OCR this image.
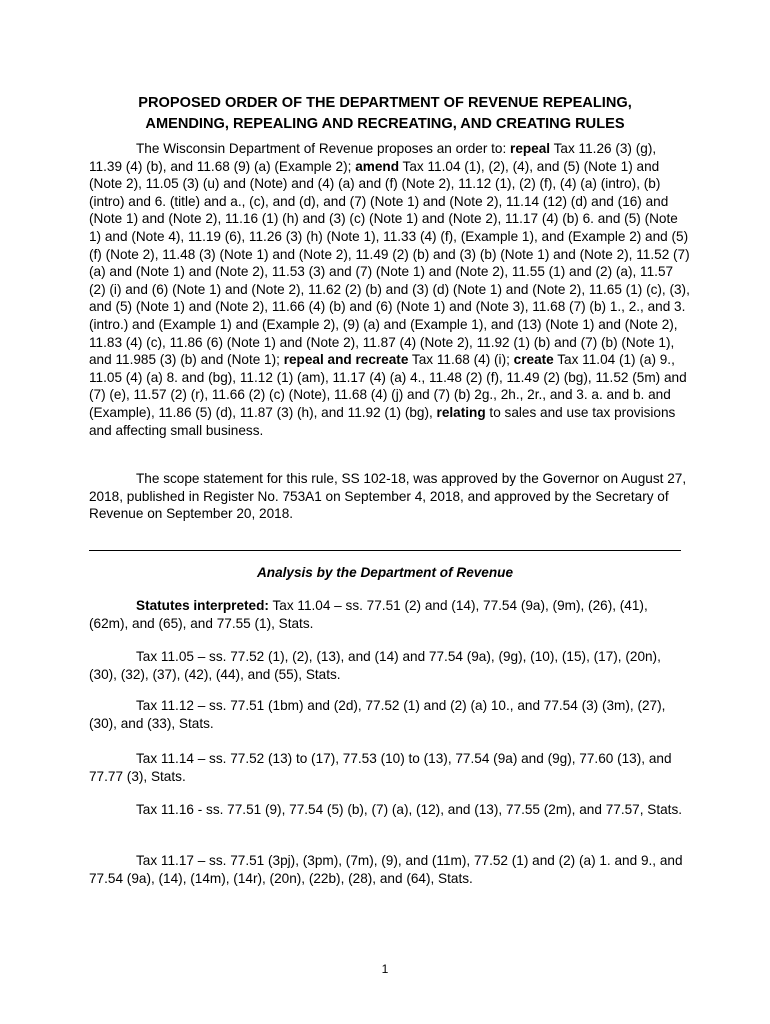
PROPOSED ORDER OF THE DEPARTMENT OF REVENUE REPEALING,
AMENDING, REPEALING AND RECREATING, AND CREATING RULES

The Wisconsin Department of Revenue proposes an order to: repeal Tax 11.26 (3) (g), 11.39 (4) (b), and 11.68 (9) (a) (Example 2); amend Tax 11.04 (1), (2), (4), and (5) (Note 1) and (Note 2), 11.05 (3) (u) and (Note) and (4) (a) and (f) (Note 2), 11.12 (1), (2) (f), (4) (a) (intro), (b) (intro) and 6. (title) and a., (c), and (d), and (7) (Note 1) and (Note 2), 11.14 (12) (d) and (16) and (Note 1) and (Note 2), 11.16 (1) (h) and (3) (c) (Note 1) and (Note 2), 11.17 (4) (b) 6. and (5) (Note 1) and (Note 4), 11.19 (6), 11.26 (3) (h) (Note 1), 11.33 (4) (f), (Example 1), and (Example 2) and (5) (f) (Note 2), 11.48 (3) (Note 1) and (Note 2), 11.49 (2) (b) and (3) (b) (Note 1) and (Note 2), 11.52 (7) (a) and (Note 1) and (Note 2), 11.53 (3) and (7) (Note 1) and (Note 2), 11.55 (1) and (2) (a), 11.57 (2) (i) and (6) (Note 1) and (Note 2), 11.62 (2) (b) and (3) (d) (Note 1) and (Note 2), 11.65 (1) (c), (3), and (5) (Note 1) and (Note 2), 11.66 (4) (b) and (6) (Note 1) and (Note 3), 11.68 (7) (b) 1., 2., and 3. (intro.) and (Example 1) and (Example 2), (9) (a) and (Example 1), and (13) (Note 1) and (Note 2), 11.83 (4) (c), 11.86 (6) (Note 1) and (Note 2), 11.87 (4) (Note 2), 11.92 (1) (b) and (7) (b) (Note 1), and 11.985 (3) (b) and (Note 1); repeal and recreate Tax 11.68 (4) (i); create Tax 11.04 (1) (a) 9., 11.05 (4) (a) 8. and (bg), 11.12 (1) (am), 11.17 (4) (a) 4., 11.48 (2) (f), 11.49 (2) (bg), 11.52 (5m) and (7) (e), 11.57 (2) (r), 11.66 (2) (c) (Note), 11.68 (4) (j) and (7) (b) 2g., 2h., 2r., and 3. a. and b. and (Example), 11.86 (5) (d), 11.87 (3) (h), and 11.92 (1) (bg), relating to sales and use tax provisions and affecting small business.

The scope statement for this rule, SS 102-18, was approved by the Governor on August 27, 2018, published in Register No. 753A1 on September 4, 2018, and approved by the Secretary of Revenue on September 20, 2018.

Analysis by the Department of Revenue

Statutes interpreted: Tax 11.04 – ss. 77.51 (2) and (14), 77.54 (9a), (9m), (26), (41), (62m), and (65), and 77.55 (1), Stats.

Tax 11.05 – ss. 77.52 (1), (2), (13), and (14) and 77.54 (9a), (9g), (10), (15), (17), (20n), (30), (32), (37), (42), (44), and (55), Stats.

Tax 11.12 – ss. 77.51 (1bm) and (2d), 77.52 (1) and (2) (a) 10., and 77.54 (3) (3m), (27), (30), and (33), Stats.

Tax 11.14 – ss. 77.52 (13) to (17), 77.53 (10) to (13), 77.54 (9a) and (9g), 77.60 (13), and 77.77 (3), Stats.

Tax 11.16 - ss. 77.51 (9), 77.54 (5) (b), (7) (a), (12), and (13), 77.55 (2m), and 77.57, Stats.

Tax 11.17 – ss. 77.51 (3pj), (3pm), (7m), (9), and (11m), 77.52 (1) and (2) (a) 1. and 9., and 77.54 (9a), (14), (14m), (14r), (20n), (22b), (28), and (64), Stats.

1
